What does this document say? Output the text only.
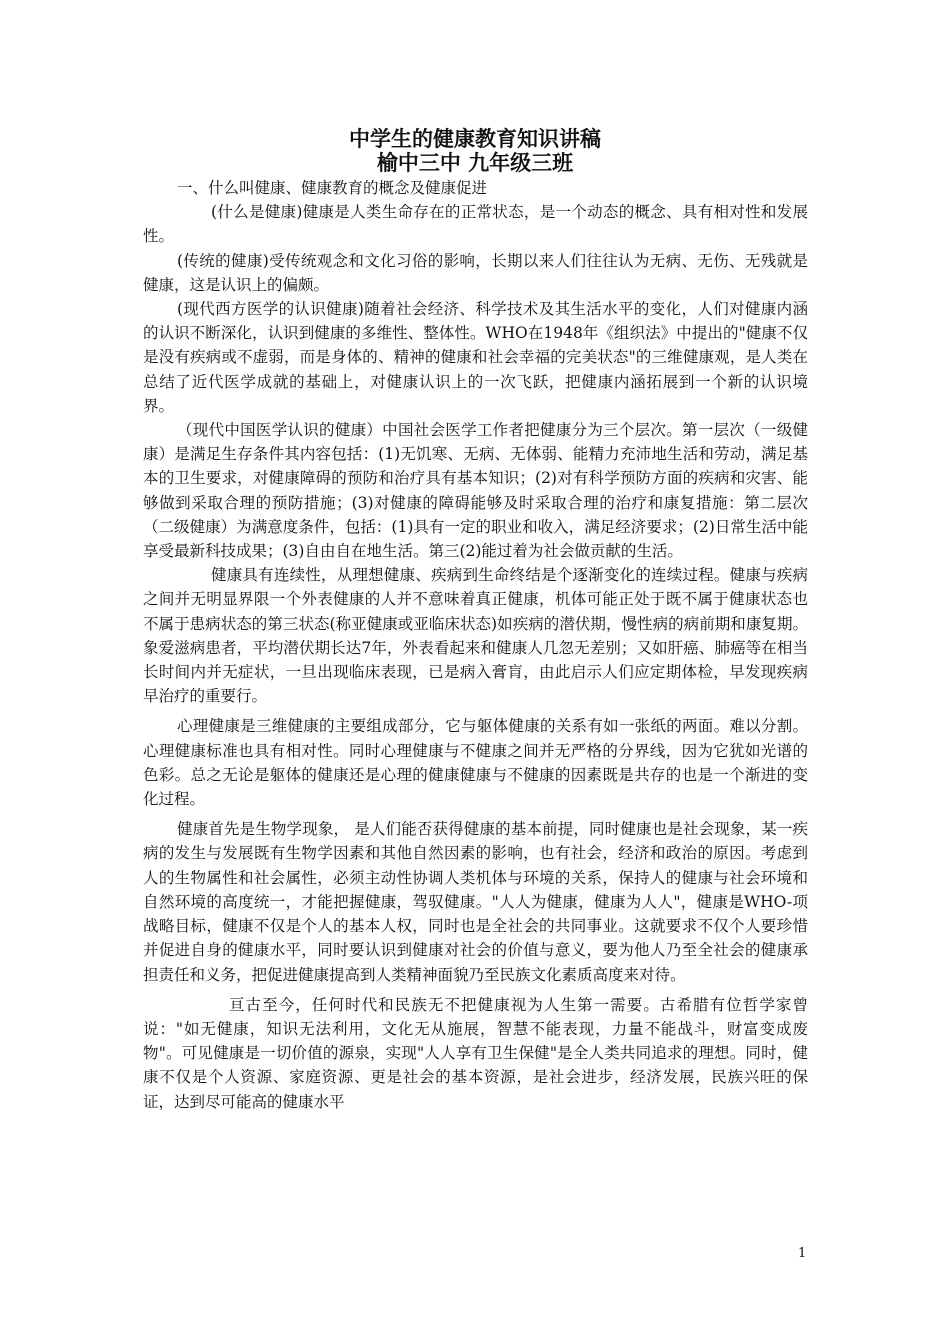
中学生的健康教育知识讲稿
榆中三中 九年级三班

一、什么叫健康、健康教育的概念及健康促进

(什么是健康)健康是人类生命存在的正常状态，是一个动态的概念、具有相对性和发展性。

(传统的健康)受传统观念和文化习俗的影响，长期以来人们往往认为无病、无伤、无残就是健康，这是认识上的偏颇。

(现代西方医学的认识健康)随着社会经济、科学技术及其生活水平的变化，人们对健康内涵的认识不断深化，认识到健康的多维性、整体性。WHO在1948年《组织法》中提出的"健康不仅是没有疾病或不虚弱，而是身体的、精神的健康和社会幸福的完美状态"的三维健康观，是人类在总结了近代医学成就的基础上，对健康认识上的一次飞跃，把健康内涵拓展到一个新的认识境界。

（现代中国医学认识的健康）中国社会医学工作者把健康分为三个层次。第一层次（一级健康）是满足生存条件其内容包括：(1)无饥寒、无病、无体弱、能精力充沛地生活和劳动，满足基本的卫生要求，对健康障碍的预防和治疗具有基本知识；(2)对有科学预防方面的疾病和灾害、能够做到采取合理的预防措施；(3)对健康的障碍能够及时采取合理的治疗和康复措施：第二层次（二级健康）为满意度条件，包括：(1)具有一定的职业和收入，满足经济要求；(2)日常生活中能享受最新科技成果；(3)自由自在地生活。第三(2)能过着为社会做贡献的生活。

健康具有连续性，从理想健康、疾病到生命终结是个逐渐变化的连续过程。健康与疾病之间并无明显界限一个外表健康的人并不意味着真正健康，机体可能正处于既不属于健康状态也不属于患病状态的第三状态(称亚健康或亚临床状态)如疾病的潜伏期，慢性病的病前期和康复期。象爱滋病患者，平均潜伏期长达7年，外表看起来和健康人几忽无差别；又如肝癌、肺癌等在相当长时间内并无症状，一旦出现临床表现，已是病入膏肓，由此启示人们应定期体检，早发现疾病早治疗的重要行。

心理健康是三维健康的主要组成部分，它与躯体健康的关系有如一张纸的两面。难以分割。心理健康标准也具有相对性。同时心理健康与不健康之间并无严格的分界线，因为它犹如光谱的色彩。总之无论是躯体的健康还是心理的健康健康与不健康的因素既是共存的也是一个渐进的变化过程。

健康首先是生物学现象， 是人们能否获得健康的基本前提，同时健康也是社会现象，某一疾病的发生与发展既有生物学因素和其他自然因素的影响，也有社会，经济和政治的原因。考虑到人的生物属性和社会属性，必须主动性协调人类机体与环境的关系，保持人的健康与社会环境和自然环境的高度统一，才能把握健康，驾驭健康。"人人为健康，健康为人人"，健康是WHO-项战略目标，健康不仅是个人的基本人权，同时也是全社会的共同事业。这就要求不仅个人要珍惜并促进自身的健康水平，同时要认识到健康对社会的价值与意义，要为他人乃至全社会的健康承担责任和义务，把促进健康提高到人类精神面貌乃至民族文化素质高度来对待。

亘古至今，任何时代和民族无不把健康视为人生第一需要。古希腊有位哲学家曾说："如无健康，知识无法利用，文化无从施展，智慧不能表现，力量不能战斗，财富变成废物"。可见健康是一切价值的源泉，实现"人人享有卫生保健"是全人类共同追求的理想。同时，健康不仅是个人资源、家庭资源、更是社会的基本资源，是社会进步，经济发展，民族兴旺的保证，达到尽可能高的健康水平

1
